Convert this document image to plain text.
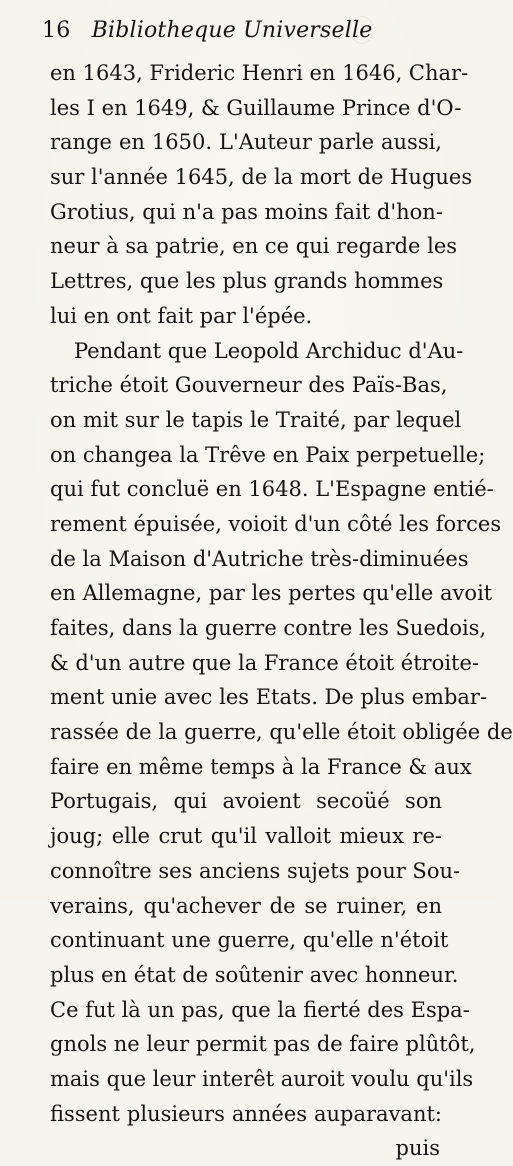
16 Bibliotheque Universelle
en 1643, Frideric Henri en 1646, Char-
les I en 1649, & Guillaume Prince d'O-
range en 1650. L'Auteur parle aussi,
sur l'année 1645, de la mort de Hugues
Grotius, qui n'a pas moins fait d'hon-
neur à sa patrie, en ce qui regarde les
Lettres, que les plus grands hommes
lui en ont fait par l'épée.
Pendant que Leopold Archiduc d'Au-
triche étoit Gouverneur des Païs-Bas,
on mit sur le tapis le Traité, par lequel
on changea la Trêve en Paix perpetuelle;
qui fut concluë en 1648. L'Espagne entié-
rement épuisée, voioit d'un côté les forces
de la Maison d'Autriche très-diminuées
en Allemagne, par les pertes qu'elle avoit
faites, dans la guerre contre les Suedois,
& d'un autre que la France étoit étroite-
ment unie avec les Etats. De plus embar-
rassée de la guerre, qu'elle étoit obligée de
faire en même temps à la France & aux
Portugais, qui avoient secoüé son
joug; elle crut qu'il valloit mieux re-
connoître ses anciens sujets pour Sou-
verains, qu'achever de se ruiner, en
continuant une guerre, qu'elle n'étoit
plus en état de soûtenir avec honneur.
Ce fut là un pas, que la fierté des Espa-
gnols ne leur permit pas de faire plûtôt,
mais que leur interêt auroit voulu qu'ils
fissent plusieurs années auparavant:
puis
